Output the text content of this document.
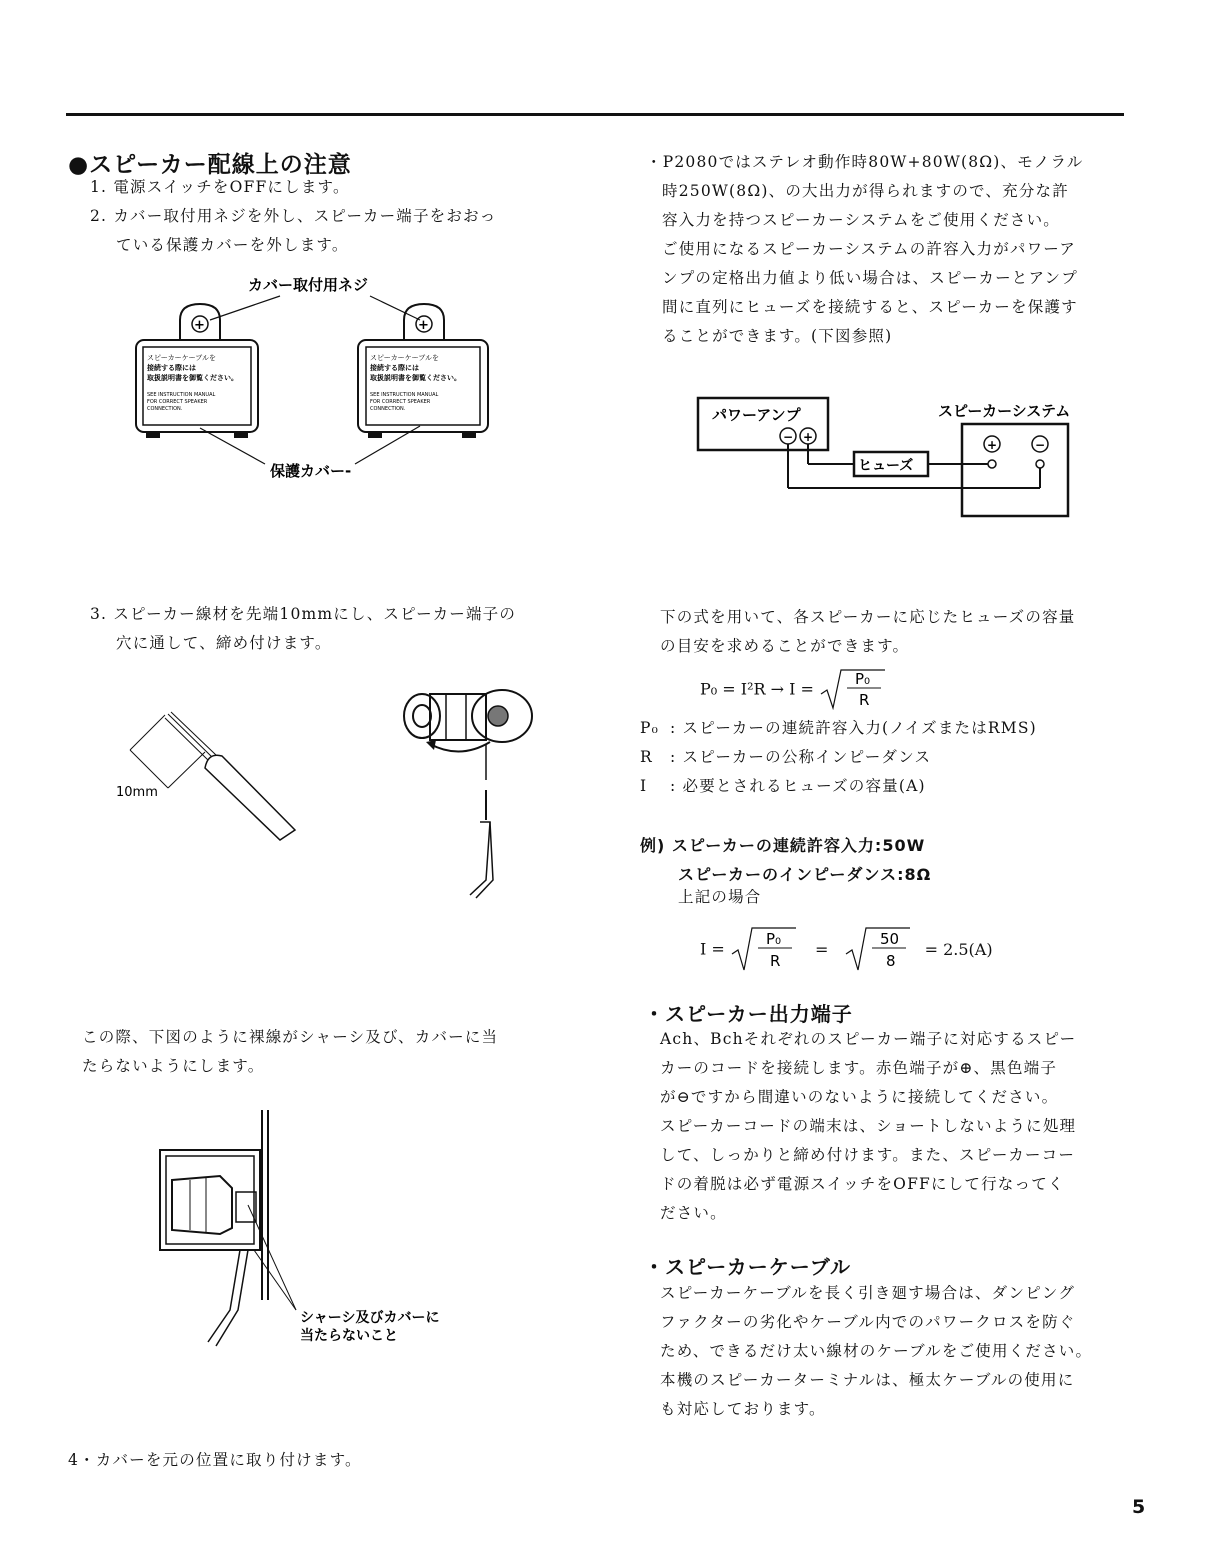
●スピーカー配線上の注意
1. 電源スイッチをOFFにします。
2. カバー取付用ネジを外し、スピーカー端子をおおっ
ている保護カバーを外します。
カバー取付用ネジ
+
スピーカーケーブルを
接続する際には
取扱説明書を御覧ください。
SEE INSTRUCTION MANUAL
FOR CORRECT SPEAKER
CONNECTION.
+
スピーカーケーブルを
接続する際には
取扱説明書を御覧ください。
SEE INSTRUCTION MANUAL
FOR CORRECT SPEAKER
CONNECTION.
保護カバー-
3. スピーカー線材を先端10mmにし、スピーカー端子の
穴に通して、締め付けます。
10mm
この際、下図のように裸線がシャーシ及び、カバーに当
たらないようにします。
シャーシ及びカバーに
当たらないこと
4・カバーを元の位置に取り付けます。
・P2080ではステレオ動作時80W+80W(8Ω)、モノラル
時250W(8Ω)、の大出力が得られますので、充分な許
容入力を持つスピーカーシステムをご使用ください。
ご使用になるスピーカーシステムの許容入力がパワーア
ンプの定格出力値より低い場合は、スピーカーとアンプ
間に直列にヒューズを接続すると、スピーカーを保護す
ることができます。(下図参照)
パワーアンプ
− +
スピーカーシステム
+	−
ヒューズ
下の式を用いて、各スピーカーに応じたヒューズの容量
の目安を求めることができます。
P₀ = I²R → I =
P₀
R
P₀ : スピーカーの連続許容入力(ノイズまたはRMS)
R : スピーカーの公称インピーダンス
I : 必要とされるヒューズの容量(A)
例) スピーカーの連続許容入力:50W
スピーカーのインピーダンス:8Ω
上記の場合
I =
P₀
R
=
50
8
= 2.5(A)
・スピーカー出力端子
Ach、Bchそれぞれのスピーカー端子に対応するスピー
カーのコードを接続します。赤色端子が⊕、黒色端子
が⊖ですから間違いのないように接続してください。
スピーカーコードの端末は、ショートしないように処理
して、しっかりと締め付けます。また、スピーカーコー
ドの着脱は必ず電源スイッチをOFFにして行なってく
ださい。
・スピーカーケーブル
スピーカーケーブルを長く引き廻す場合は、ダンピング
ファクターの劣化やケーブル内でのパワークロスを防ぐ
ため、できるだけ太い線材のケーブルをご使用ください。
本機のスピーカーターミナルは、極太ケーブルの使用に
も対応しております。
5
